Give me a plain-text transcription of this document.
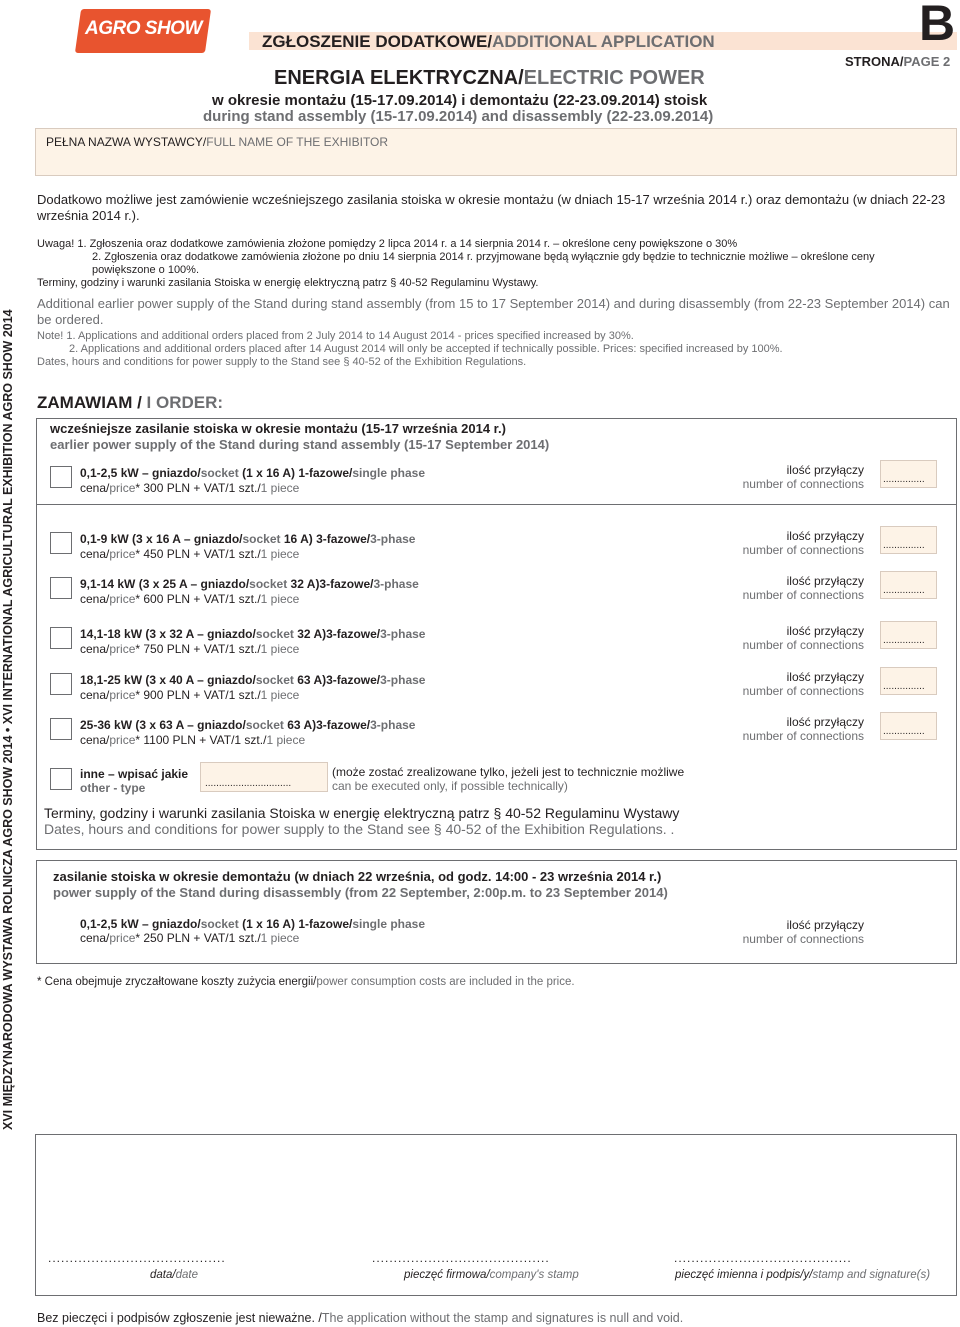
AGRO SHOW
ZGŁOSZENIE DODATKOWE/ADDITIONAL APPLICATION	B
STRONA/PAGE 2
ENERGIA ELEKTRYCZNA/ELECTRIC POWER
w okresie montażu (15-17.09.2014) i demontażu (22-23.09.2014) stoisk
during stand assembly (15-17.09.2014) and disassembly (22-23.09.2014)
PEŁNA NAZWA WYSTAWCY/FULL NAME OF THE EXHIBITOR
XVI MIĘDZYNARODOWA WYSTAWA ROLNICZA AGRO SHOW 2014 • XVI INTERNATIONAL AGRICULTURAL EXHIBITION AGRO SHOW 2014
Dodatkowo możliwe jest zamówienie wcześniejszego zasilania stoiska w okresie montażu (w dniach 15-17 września 2014 r.) oraz demontażu (w dniach 22-23 września 2014 r.).
Uwaga! 1. Zgłoszenia oraz dodatkowe zamówienia złożone pomiędzy 2 lipca 2014 r. a 14 sierpnia 2014 r. – określone ceny powiększone o 30%
2. Zgłoszenia oraz dodatkowe zamówienia złożone po dniu 14 sierpnia 2014 r. przyjmowane będą wyłącznie gdy będzie to technicznie możliwe – określone ceny
powiększone o 100%.
Terminy, godziny i warunki zasilania Stoiska w energię elektryczną patrz § 40-52 Regulaminu Wystawy.
Additional earlier power supply of the Stand during stand assembly (from 15 to 17 September 2014) and during disassembly (from 22-23 September 2014) can be ordered.
Note! 1. Applications and additional orders placed from 2 July 2014 to 14 August 2014 - prices specified increased by 30%.
2. Applications and additional orders placed after 14 August 2014 will only be accepted if technically possible. Prices: specified increased by 100%.
Dates, hours and conditions for power supply to the Stand see § 40-52 of the Exhibition Regulations.
ZAMAWIAM / I ORDER:
wcześniejsze zasilanie stoiska w okresie montażu (15-17 września 2014 r.)
earlier power supply of the Stand during stand assembly (15-17 September 2014)
0,1-2,5 kW – gniazdo/socket (1 x 16 A) 1-fazowe/single phase
cena/price* 300 PLN + VAT/1 szt./1 piece
ilość przyłączy
number of connections	...............
0,1-9 kW (3 x 16 A – gniazdo/socket 16 A) 3-fazowe/3-phase
cena/price* 450 PLN + VAT/1 szt./1 piece
ilość przyłączy
number of connections	...............
9,1-14 kW (3 x 25 A – gniazdo/socket 32 A)3-fazowe/3-phase
cena/price* 600 PLN + VAT/1 szt./1 piece
ilość przyłączy
number of connections	...............
14,1-18 kW (3 x 32 A – gniazdo/socket 32 A)3-fazowe/3-phase
cena/price* 750 PLN + VAT/1 szt./1 piece
ilość przyłączy
number of connections	...............
18,1-25 kW (3 x 40 A – gniazdo/socket 63 A)3-fazowe/3-phase
cena/price* 900 PLN + VAT/1 szt./1 piece
ilość przyłączy
number of connections	...............
25-36 kW (3 x 63 A – gniazdo/socket 63 A)3-fazowe/3-phase
cena/price* 1100 PLN + VAT/1 szt./1 piece
ilość przyłączy
number of connections	...............
inne – wpisać jakie
other - type	...............................
(może zostać zrealizowane tylko, jeżeli jest to technicznie możliwe
can be executed only, if possible technically)
Terminy, godziny i warunki zasilania Stoiska w energię elektryczną patrz § 40-52 Regulaminu Wystawy
Dates, hours and conditions for power supply to the Stand see § 40-52 of the Exhibition Regulations. .
zasilanie stoiska w okresie demontażu (w dniach 22 września, od godz. 14:00 - 23 września 2014 r.)
power supply of the Stand during disassembly (from 22 September, 2:00p.m. to 23 September 2014)
0,1-2,5 kW – gniazdo/socket (1 x 16 A) 1-fazowe/single phase
cena/price* 250 PLN + VAT/1 szt./1 piece
ilość przyłączy
number of connections
* Cena obejmuje zryczałtowane koszty zużycia energii/power consumption costs are included in the price.
.........................................	.........................................	.........................................
data/date	pieczęć firmowa/company's stamp	pieczęć imienna i podpis/y/stamp and signature(s)
Bez pieczęci i podpisów zgłoszenie jest nieważne. /The application without the stamp and signatures is null and void.
